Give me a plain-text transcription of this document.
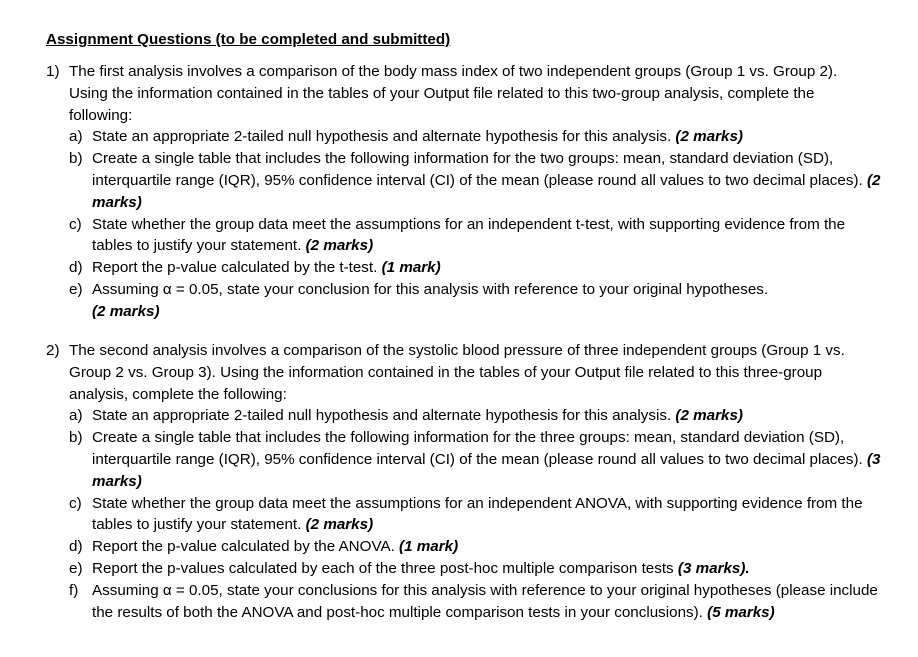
Assignment Questions (to be completed and submitted)
1) The first analysis involves a comparison of the body mass index of two independent groups (Group 1 vs. Group 2). Using the information contained in the tables of your Output file related to this two-group analysis, complete the following:
a) State an appropriate 2-tailed null hypothesis and alternate hypothesis for this analysis. (2 marks)
b) Create a single table that includes the following information for the two groups: mean, standard deviation (SD), interquartile range (IQR), 95% confidence interval (CI) of the mean (please round all values to two decimal places). (2 marks)
c) State whether the group data meet the assumptions for an independent t-test, with supporting evidence from the tables to justify your statement. (2 marks)
d) Report the p-value calculated by the t-test. (1 mark)
e) Assuming α = 0.05, state your conclusion for this analysis with reference to your original hypotheses.
(2 marks)
2) The second analysis involves a comparison of the systolic blood pressure of three independent groups (Group 1 vs. Group 2 vs. Group 3). Using the information contained in the tables of your Output file related to this three-group analysis, complete the following:
a) State an appropriate 2-tailed null hypothesis and alternate hypothesis for this analysis. (2 marks)
b) Create a single table that includes the following information for the three groups: mean, standard deviation (SD), interquartile range (IQR), 95% confidence interval (CI) of the mean (please round all values to two decimal places). (3 marks)
c) State whether the group data meet the assumptions for an independent ANOVA, with supporting evidence from the tables to justify your statement. (2 marks)
d) Report the p-value calculated by the ANOVA. (1 mark)
e) Report the p-values calculated by each of the three post-hoc multiple comparison tests (3 marks).
f) Assuming α = 0.05, state your conclusions for this analysis with reference to your original hypotheses (please include the results of both the ANOVA and post-hoc multiple comparison tests in your conclusions). (5 marks)
